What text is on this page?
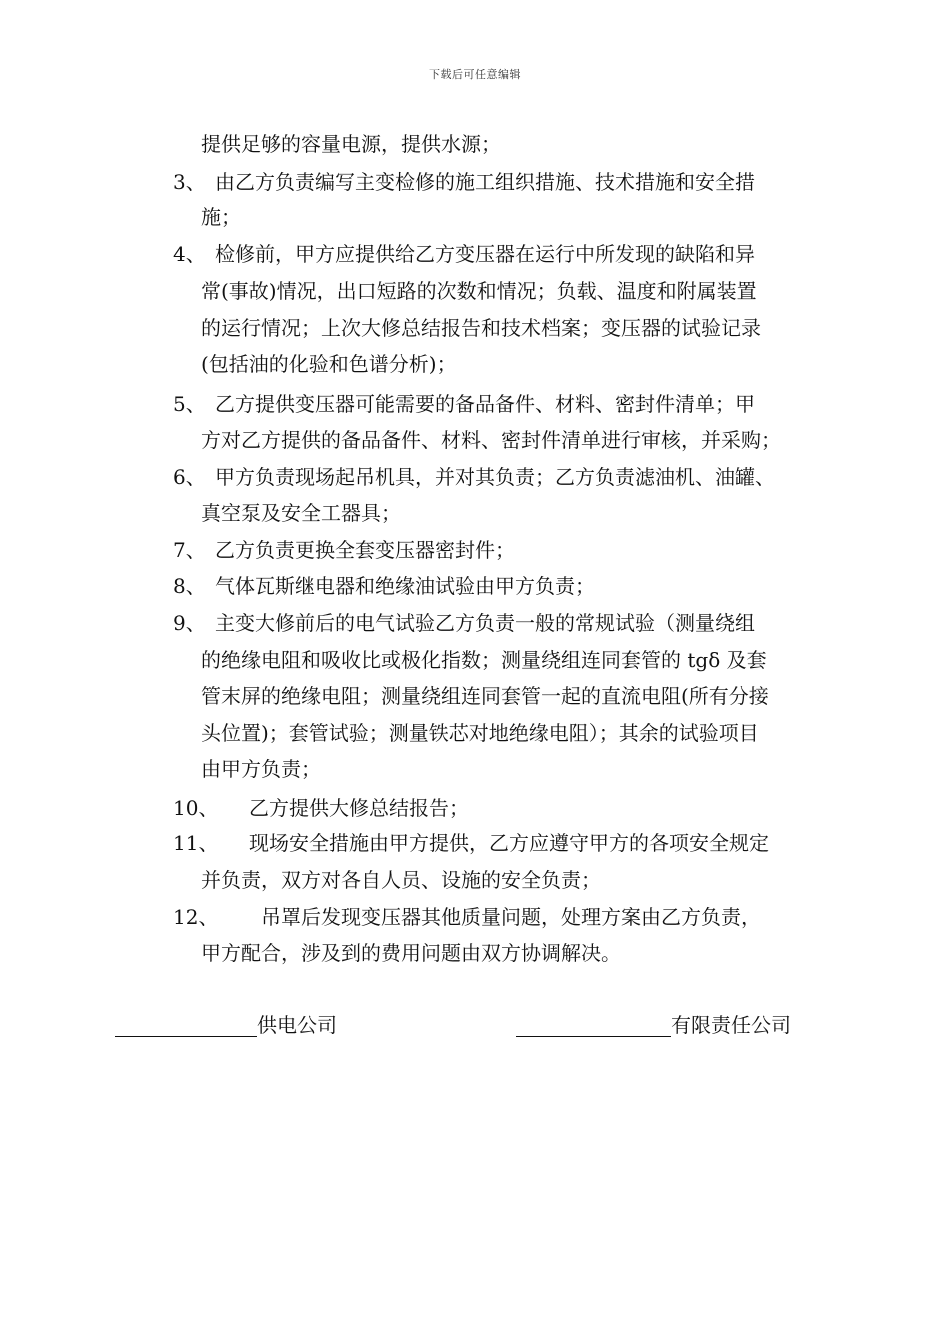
下载后可任意编辑
提供足够的容量电源，提供水源；
3、 由乙方负责编写主变检修的施工组织措施、技术措施和安全措
施；
4、 检修前，甲方应提供给乙方变压器在运行中所发现的缺陷和异
常(事故)情况，出口短路的次数和情况；负载、温度和附属装置
的运行情况；上次大修总结报告和技术档案；变压器的试验记录
(包括油的化验和色谱分析)；
5、 乙方提供变压器可能需要的备品备件、材料、密封件清单；甲
方对乙方提供的备品备件、材料、密封件清单进行审核，并采购；
6、 甲方负责现场起吊机具，并对其负责；乙方负责滤油机、油罐、
真空泵及安全工器具；
7、 乙方负责更换全套变压器密封件；
8、 气体瓦斯继电器和绝缘油试验由甲方负责；
9、 主变大修前后的电气试验乙方负责一般的常规试验（测量绕组
的绝缘电阻和吸收比或极化指数；测量绕组连同套管的 tgδ 及套
管末屏的绝缘电阻；测量绕组连同套管一起的直流电阻(所有分接
头位置)；套管试验；测量铁芯对地绝缘电阻）；其余的试验项目
由甲方负责；
10、 乙方提供大修总结报告；
11、 现场安全措施由甲方提供，乙方应遵守甲方的各项安全规定
并负责，双方对各自人员、设施的安全负责；
12、 吊罩后发现变压器其他质量问题，处理方案由乙方负责，
甲方配合，涉及到的费用问题由双方协调解决。
供电公司	有限责任公司
